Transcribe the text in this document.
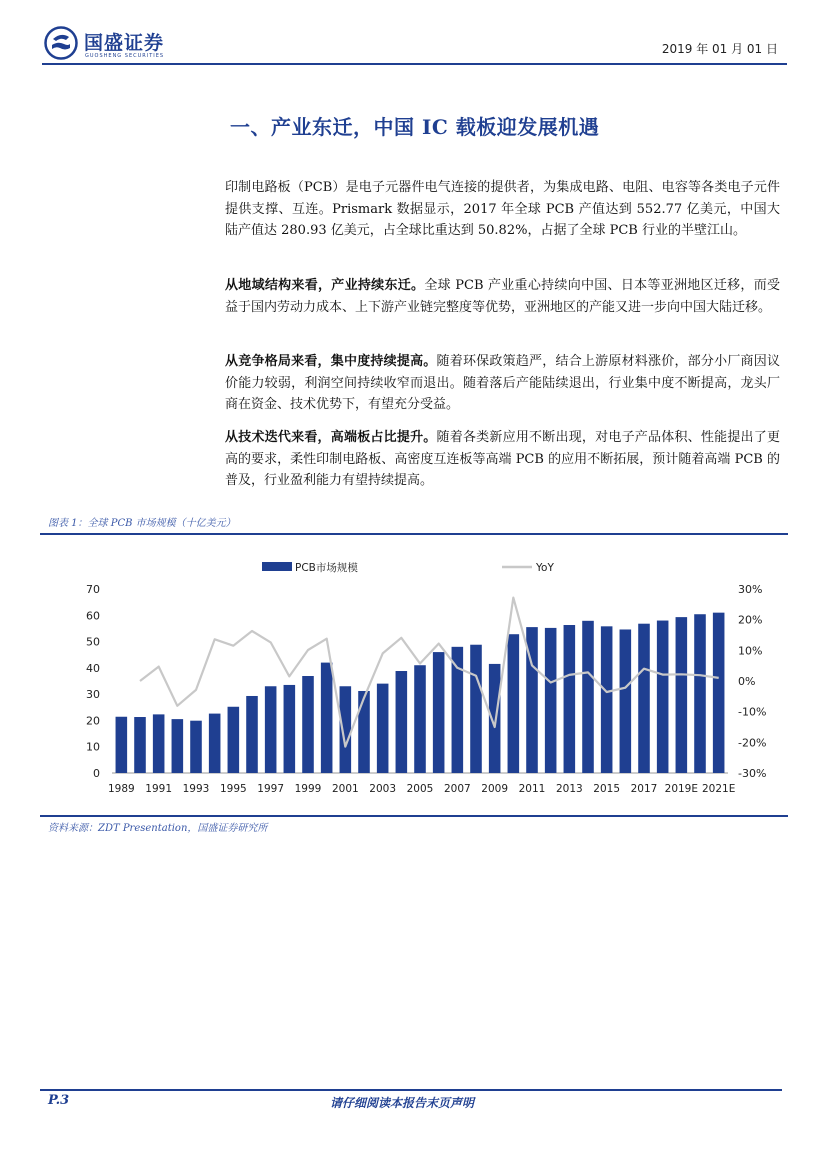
国盛证券
GUOSHENG SECURITIES	2019 年 01 月 01 日
一、产业东迁，中国 IC 载板迎发展机遇
印制电路板（PCB）是电子元器件电气连接的提供者，为集成电路、电阻、电容等各类电子元件提供支撑、互连。Prismark 数据显示，2017 年全球 PCB 产值达到 552.77 亿美元，中国大陆产值达 280.93 亿美元，占全球比重达到 50.82%，占据了全球 PCB 行业的半壁江山。
从地域结构来看，产业持续东迁。全球 PCB 产业重心持续向中国、日本等亚洲地区迁移，而受益于国内劳动力成本、上下游产业链完整度等优势，亚洲地区的产能又进一步向中国大陆迁移。
从竞争格局来看，集中度持续提高。随着环保政策趋严，结合上游原材料涨价，部分小厂商因议价能力较弱，利润空间持续收窄而退出。随着落后产能陆续退出，行业集中度不断提高，龙头厂商在资金、技术优势下，有望充分受益。
从技术迭代来看，高端板占比提升。随着各类新应用不断出现，对电子产品体积、性能提出了更高的要求，柔性印制电路板、高密度互连板等高端 PCB 的应用不断拓展，预计随着高端 PCB 的普及，行业盈利能力有望持续提高。
图表 1：全球 PCB 市场规模（十亿美元）
0
10
20
30
40
50
60
70
-30%
-20%
-10%
0%
10%
20%
30%
1989 1991 1993 1995 1997 1999 2001 2003 2005 2007 2009 2011 2013 2015 2017 2019E 2021E
PCB市场规模	YoY
资料来源：ZDT Presentation，国盛证券研究所
P.3	请仔细阅读本报告末页声明
